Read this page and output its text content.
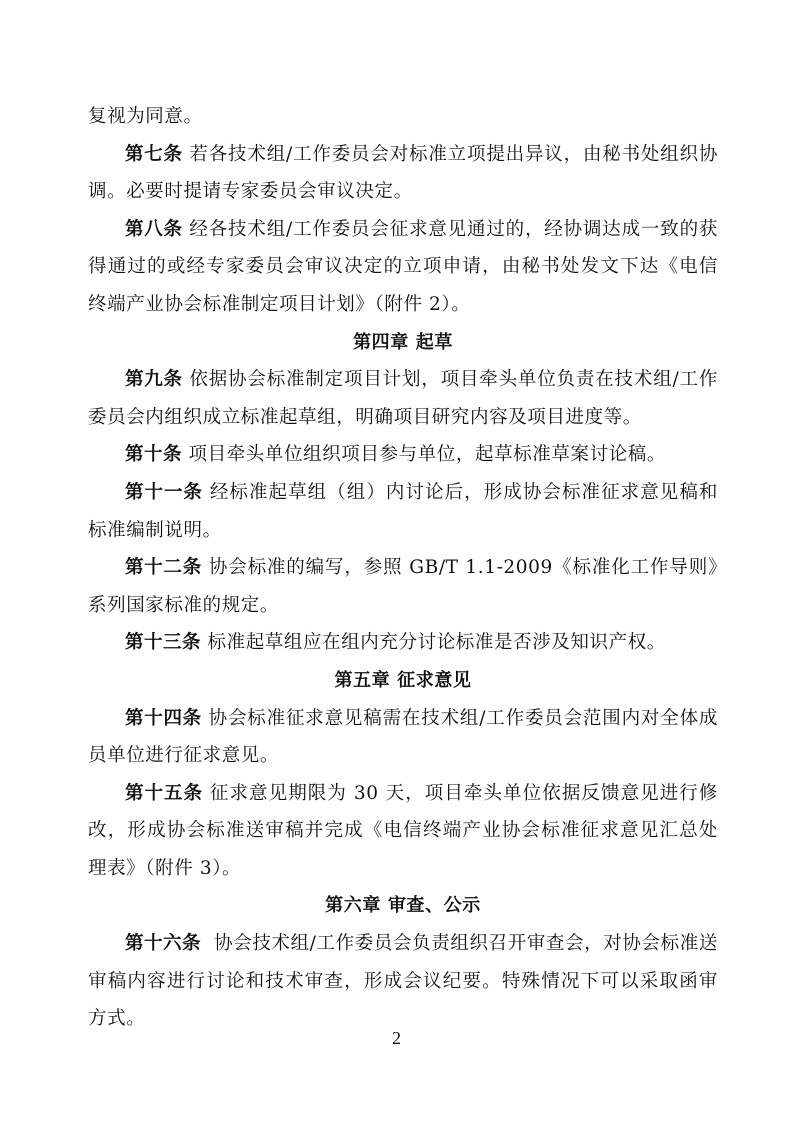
复视为同意。

第七条 若各技术组/工作委员会对标准立项提出异议，由秘书处组织协调。必要时提请专家委员会审议决定。

第八条 经各技术组/工作委员会征求意见通过的，经协调达成一致的获得通过的或经专家委员会审议决定的立项申请，由秘书处发文下达《电信终端产业协会标准制定项目计划》（附件 2）。

第四章 起草

第九条 依据协会标准制定项目计划，项目牵头单位负责在技术组/工作委员会内组织成立标准起草组，明确项目研究内容及项目进度等。

第十条 项目牵头单位组织项目参与单位，起草标准草案讨论稿。

第十一条 经标准起草组（组）内讨论后，形成协会标准征求意见稿和标准编制说明。

第十二条 协会标准的编写，参照 GB/T 1.1-2009《标准化工作导则》系列国家标准的规定。

第十三条 标准起草组应在组内充分讨论标准是否涉及知识产权。

第五章 征求意见

第十四条 协会标准征求意见稿需在技术组/工作委员会范围内对全体成员单位进行征求意见。

第十五条 征求意见期限为 30 天，项目牵头单位依据反馈意见进行修改，形成协会标准送审稿并完成《电信终端产业协会标准征求意见汇总处理表》（附件 3）。

第六章 审查、公示

第十六条 协会技术组/工作委员会负责组织召开审查会，对协会标准送审稿内容进行讨论和技术审查，形成会议纪要。特殊情况下可以采取函审方式。

2
